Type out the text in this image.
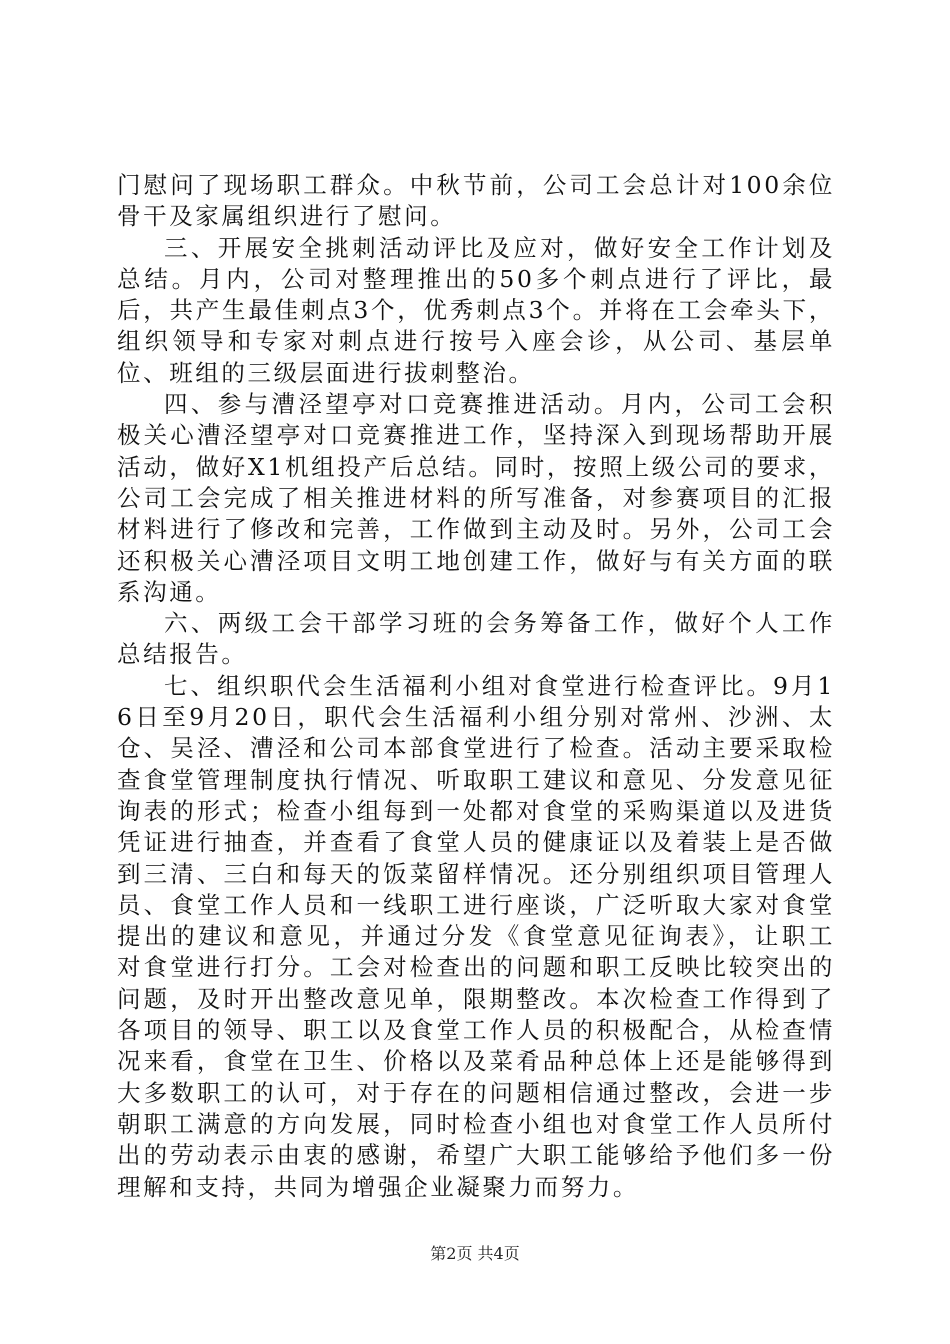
门慰问了现场职工群众。中秋节前，公司工会总计对100余位骨干及家属组织进行了慰问。

三、开展安全挑刺活动评比及应对，做好安全工作计划及总结。月内，公司对整理推出的50多个刺点进行了评比，最后，共产生最佳刺点3个，优秀刺点3个。并将在工会牵头下，组织领导和专家对刺点进行按号入座会诊，从公司、基层单位、班组的三级层面进行拔刺整治。

四、参与漕泾望亭对口竞赛推进活动。月内，公司工会积极关心漕泾望亭对口竞赛推进工作，坚持深入到现场帮助开展活动，做好X1机组投产后总结。同时，按照上级公司的要求，公司工会完成了相关推进材料的所写准备，对参赛项目的汇报材料进行了修改和完善，工作做到主动及时。另外，公司工会还积极关心漕泾项目文明工地创建工作，做好与有关方面的联系沟通。

六、两级工会干部学习班的会务筹备工作，做好个人工作总结报告。

七、组织职代会生活福利小组对食堂进行检查评比。9月16日至9月20日，职代会生活福利小组分别对常州、沙洲、太仓、吴泾、漕泾和公司本部食堂进行了检查。活动主要采取检查食堂管理制度执行情况、听取职工建议和意见、分发意见征询表的形式；检查小组每到一处都对食堂的采购渠道以及进货凭证进行抽查，并查看了食堂人员的健康证以及着装上是否做到三清、三白和每天的饭菜留样情况。还分别组织项目管理人员、食堂工作人员和一线职工进行座谈，广泛听取大家对食堂提出的建议和意见，并通过分发《食堂意见征询表》，让职工对食堂进行打分。工会对检查出的问题和职工反映比较突出的问题，及时开出整改意见单，限期整改。本次检查工作得到了各项目的领导、职工以及食堂工作人员的积极配合，从检查情况来看，食堂在卫生、价格以及菜肴品种总体上还是能够得到大多数职工的认可，对于存在的问题相信通过整改，会进一步朝职工满意的方向发展，同时检查小组也对食堂工作人员所付出的劳动表示由衷的感谢，希望广大职工能够给予他们多一份理解和支持，共同为增强企业凝聚力而努力。

第2页 共4页
